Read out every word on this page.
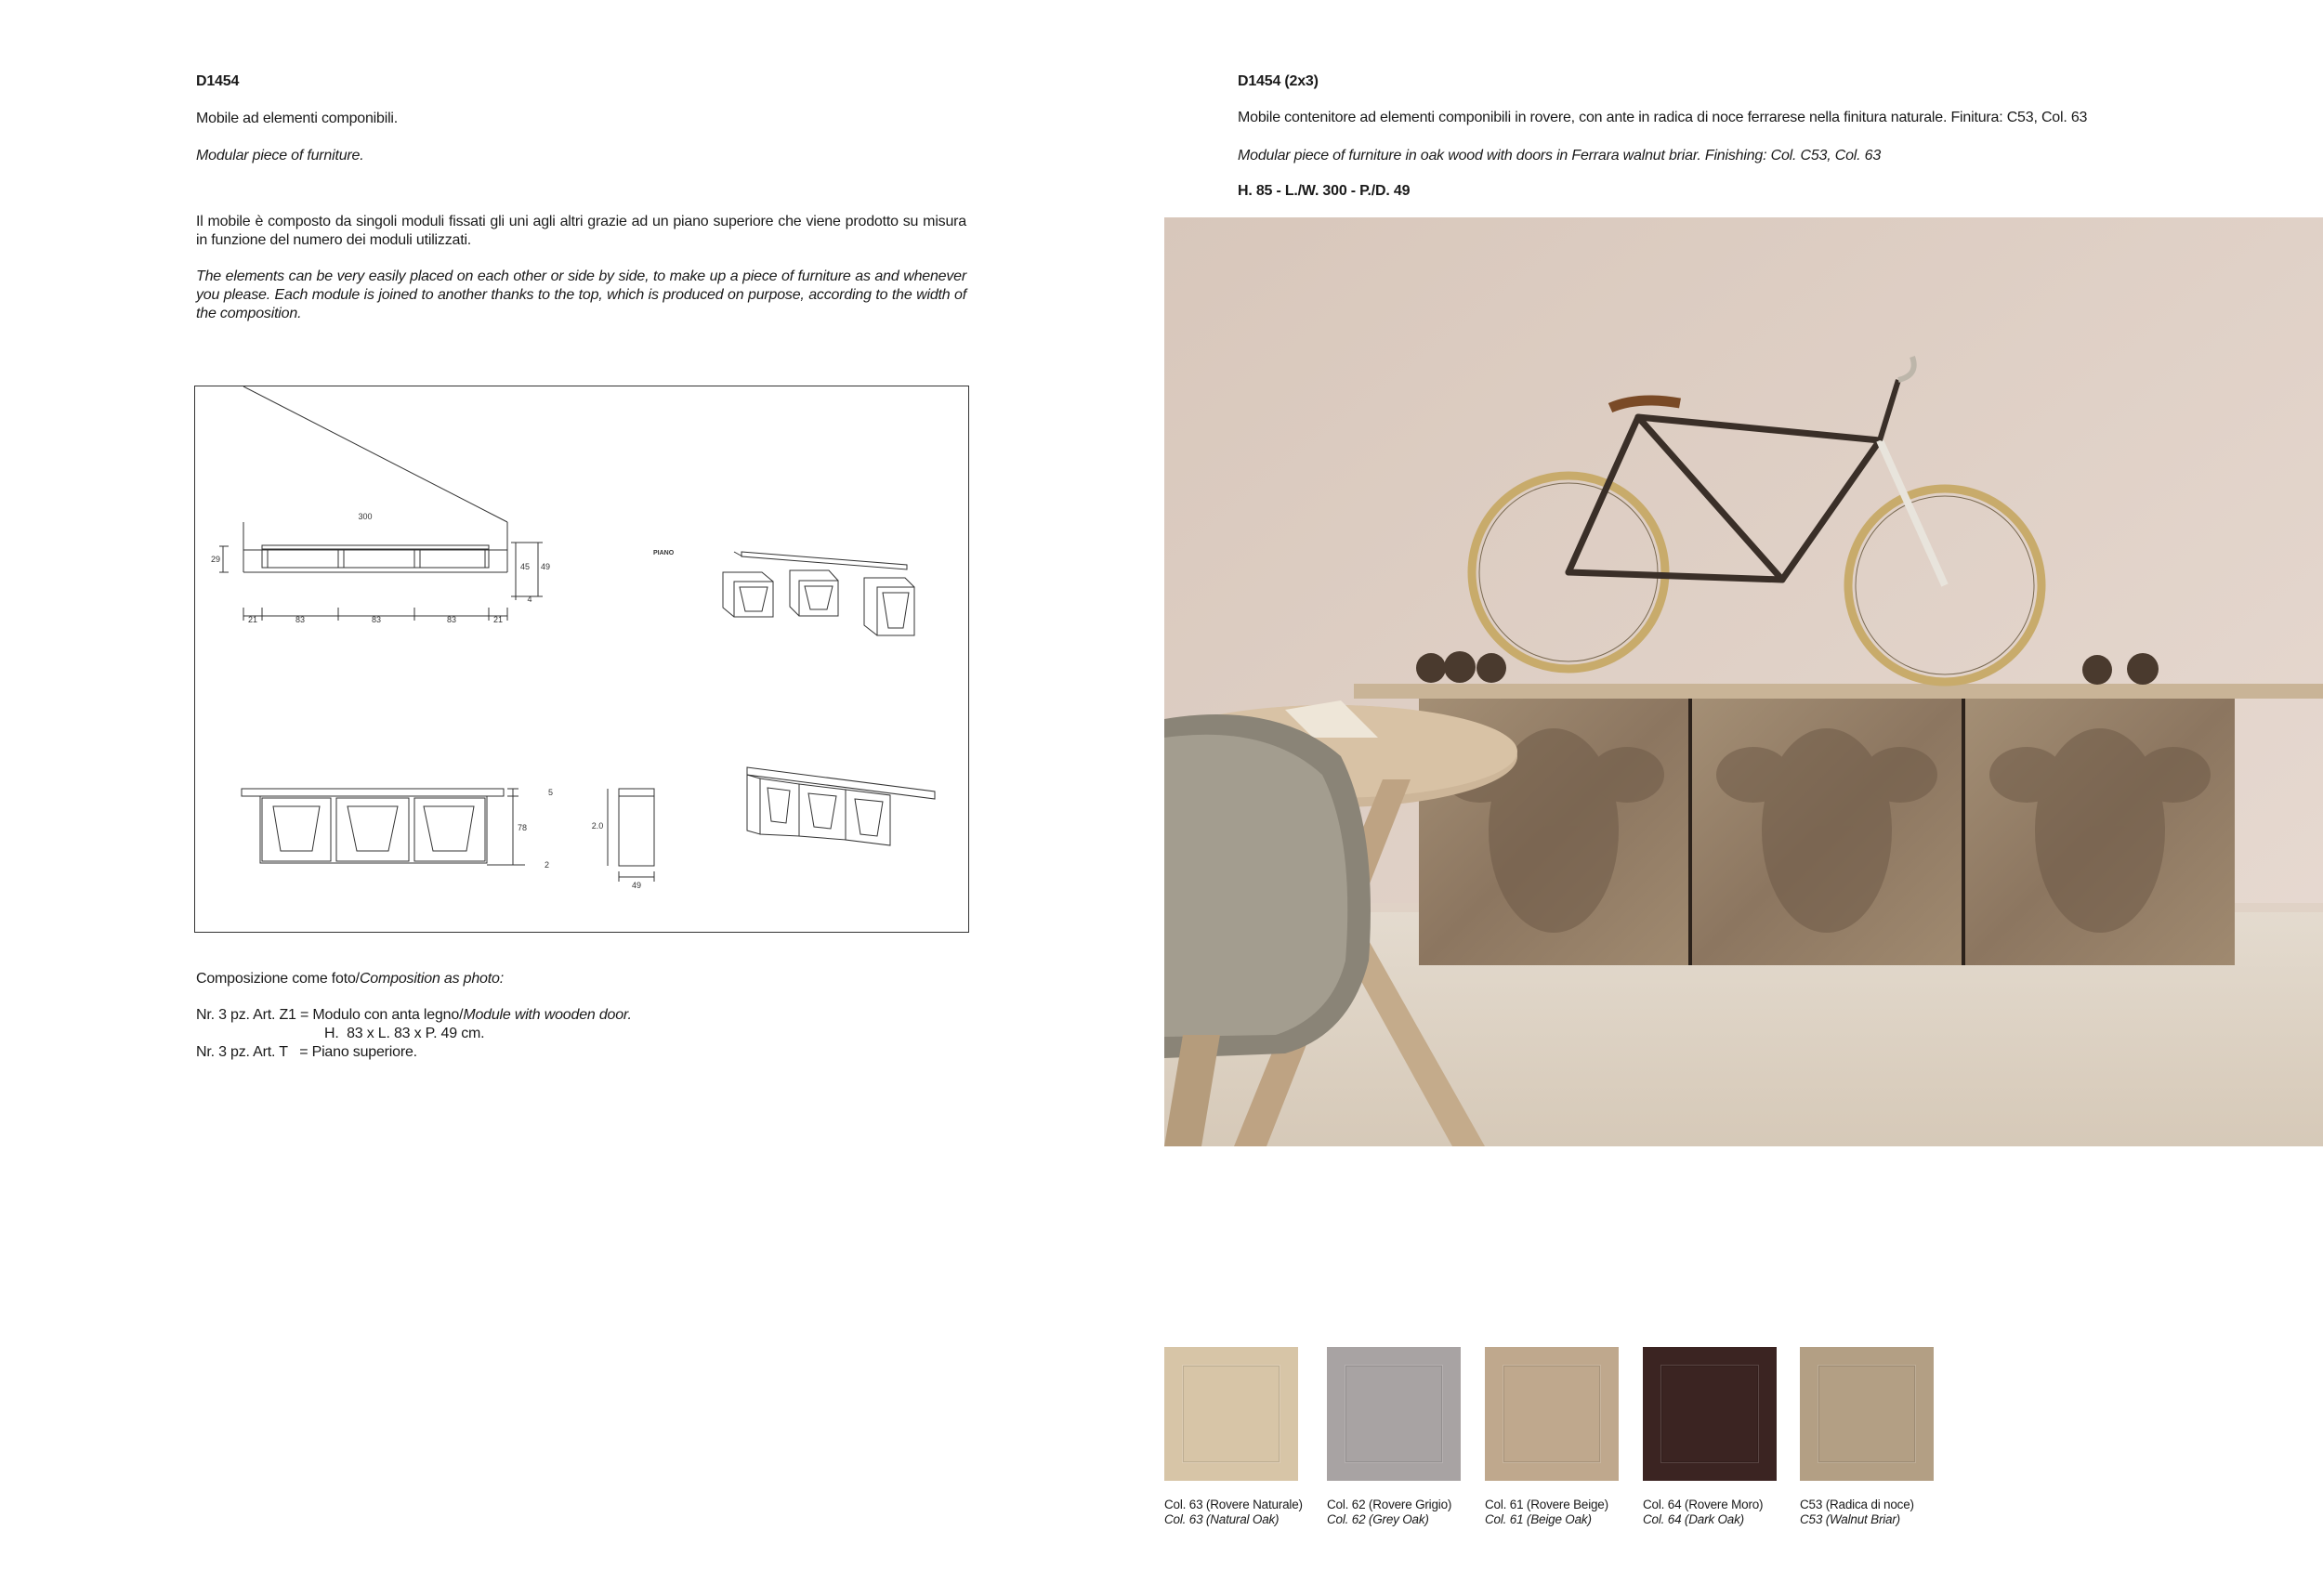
D1454

Mobile ad elementi componibili.

Modular piece of furniture.

Il mobile è composto da singoli moduli fissati gli uni agli altri grazie ad un piano superiore che viene prodotto su misura in funzione del numero dei moduli utilizzati.

The elements can be very easily placed on each other or side by side, to make up a piece of furniture as and whenever you please. Each module is joined to another thanks to the top, which is produced on purpose, according to the width of the composition.

300
29
45 49
4
21	83	83	83	21
PIANO
5
78
2
2.0
49

Composizione come foto/Composition as photo:

Nr. 3 pz. Art. Z1 = Modulo con anta legno/Module with wooden door.

H.  83 x L. 83 x P. 49 cm.

Nr. 3 pz. Art. T   = Piano superiore.

D1454 (2x3)

Mobile contenitore ad elementi componibili in rovere, con ante in radica di noce ferrarese nella finitura naturale. Finitura: C53, Col. 63

Modular piece of furniture in oak wood with doors in Ferrara walnut briar. Finishing: Col. C53, Col. 63

H. 85 - L./W. 300 - P./D. 49

Col. 63 (Rovere Naturale)
Col. 63 (Natural Oak)
Col. 62 (Rovere Grigio)
Col. 62 (Grey Oak)
Col. 61 (Rovere Beige)
Col. 61 (Beige Oak)
Col. 64 (Rovere Moro)
Col. 64 (Dark Oak)
C53 (Radica di noce)
C53 (Walnut Briar)
